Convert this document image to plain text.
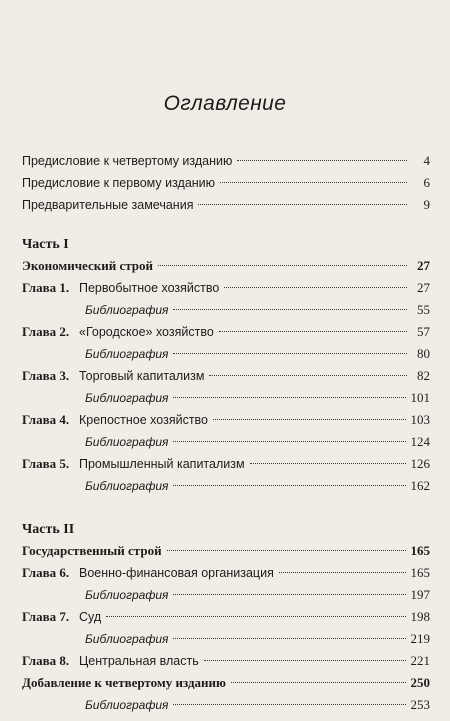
Оглавление
Предисловие к четвертому изданию	4
Предисловие к первому изданию	6
Предварительные замечания	9
Часть I
Экономический строй	27
Глава 1. Первобытное хозяйство	27
Библиография	55
Глава 2. «Городское» хозяйство	57
Библиография	80
Глава 3. Торговый капитализм	82
Библиография	101
Глава 4. Крепостное хозяйство	103
Библиография	124
Глава 5. Промышленный капитализм	126
Библиография	162
Часть II
Государственный строй	165
Глава 6. Военно-финансовая организация	165
Библиография	197
Глава 7. Суд	198
Библиография	219
Глава 8. Центральная власть	221
Добавление к четвертому изданию	250
Библиография	253
